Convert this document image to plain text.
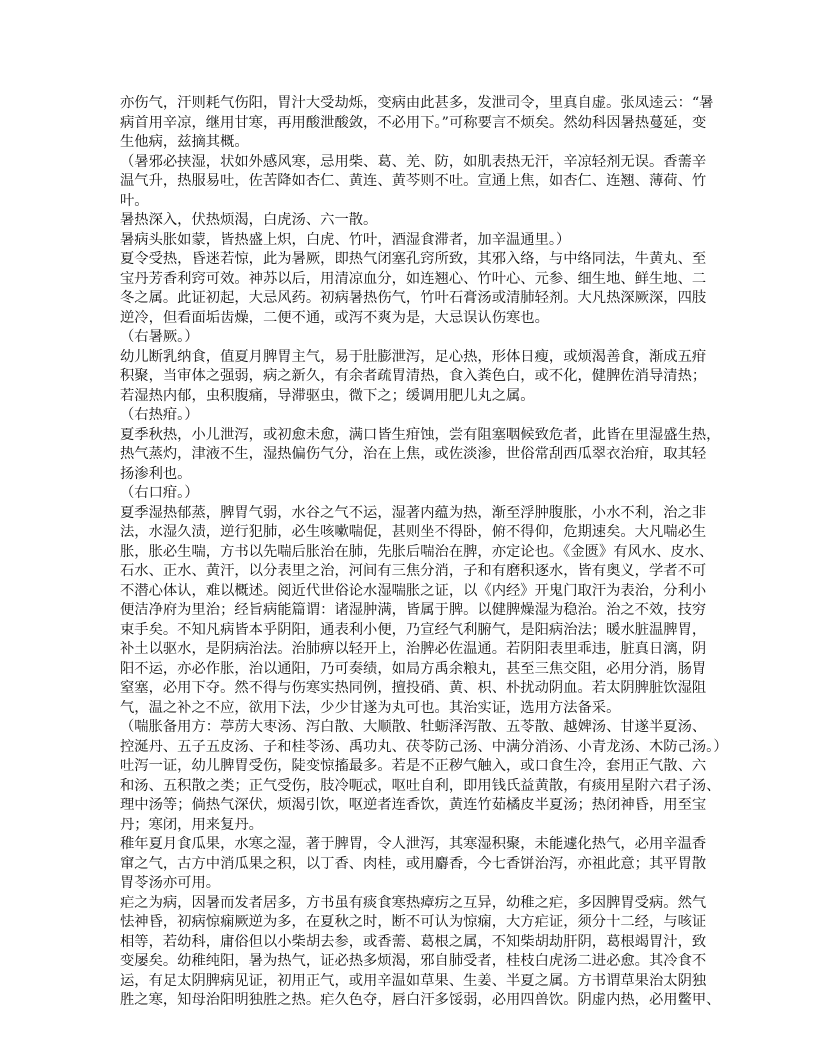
亦伤气，汗则耗气伤阳，胃汁大受劫烁，变病由此甚多，发泄司令，里真自虚。张凤逵云：“暑
病首用辛凉，继用甘寒，再用酸泄酸敛，不必用下。”可称要言不烦矣。然幼科因暑热蔓延，变
生他病，兹摘其概。
（暑邪必挟湿，状如外感风寒，忌用柴、葛、羌、防，如肌表热无汗，辛凉轻剂无误。香薷辛
温气升，热服易吐，佐苦降如杏仁、黄连、黄芩则不吐。宣通上焦，如杏仁、连翘、薄荷、竹
叶。
暑热深入，伏热烦渴，白虎汤、六一散。
暑病头胀如蒙，皆热盛上炽，白虎、竹叶，酒湿食滞者，加辛温通里。）
夏令受热，昏迷若惊，此为暑厥，即热气闭塞孔窍所致，其邪入络，与中络同法，牛黄丸、至
宝丹芳香利窍可效。神苏以后，用清凉血分，如连翘心、竹叶心、元参、细生地、鲜生地、二
冬之属。此证初起，大忌风药。初病暑热伤气，竹叶石膏汤或清肺轻剂。大凡热深厥深，四肢
逆冷，但看面垢齿燥，二便不通，或泻不爽为是，大忌误认伤寒也。
（右暑厥。）
幼儿断乳纳食，值夏月脾胃主气，易于肚膨泄泻，足心热，形体日瘦，或烦渴善食，渐成五疳
积聚，当审体之强弱，病之新久，有余者疏胃清热，食入粪色白，或不化，健脾佐消导清热；
若湿热内郁，虫积腹痛，导滞驱虫，微下之；缓调用肥儿丸之属。
（右热疳。）
夏季秋热，小儿泄泻，或初愈未愈，满口皆生疳蚀，尝有阻塞咽候致危者，此皆在里湿盛生热，
热气蒸灼，津液不生，湿热偏伤气分，治在上焦，或佐淡渗，世俗常刮西瓜翠衣治疳，取其轻
扬渗利也。
（右口疳。）
夏季湿热郁蒸，脾胃气弱，水谷之气不运，湿著内蕴为热，渐至浮肿腹胀，小水不利，治之非
法，水湿久渍，逆行犯肺，必生咳嗽喘促，甚则坐不得卧，俯不得仰，危期速矣。大凡喘必生
胀，胀必生喘，方书以先喘后胀治在肺，先胀后喘治在脾，亦定论也。《金匮》有风水、皮水、
石水、正水、黄汗，以分表里之治，河间有三焦分消，子和有磨积逐水，皆有奥义，学者不可
不潜心体认，难以概述。阅近代世俗论水湿喘胀之证，以《内经》开鬼门取汗为表治，分利小
便洁净府为里治；经旨病能篇谓：诸湿肿满，皆属于脾。以健脾燥湿为稳治。治之不效，技穷
束手矣。不知凡病皆本乎阴阳，通表利小便，乃宣经气利腑气，是阳病治法；暖水脏温脾胃，
补土以驱水，是阴病治法。治肺痹以轻开上，治脾必佐温通。若阴阳表里乖违，脏真日漓，阴
阳不运，亦必作胀，治以通阳，乃可奏绩，如局方禹余粮丸，甚至三焦交阻，必用分消，肠胃
窒塞，必用下夺。然不得与伤寒实热同例，擅投硝、黄、枳、朴扰动阴血。若太阴脾脏饮湿阻
气，温之补之不应，欲用下法，少少甘遂为丸可也。其治实证，选用方法备采。
（喘胀备用方：葶苈大枣汤、泻白散、大顺散、牡蛎泽泻散、五苓散、越婢汤、甘遂半夏汤、
控涎丹、五子五皮汤、子和桂苓汤、禹功丸、茯苓防己汤、中满分消汤、小青龙汤、木防己汤。）
吐泻一证，幼儿脾胃受伤，陡变惊搐最多。若是不正秽气触入，或口食生冷，套用正气散、六
和汤、五积散之类；正气受伤，肢冷呃忒，呕吐自利，即用钱氏益黄散，有痰用星附六君子汤、
理中汤等；倘热气深伏，烦渴引饮，呕逆者连香饮，黄连竹茹橘皮半夏汤；热闭神昏，用至宝
丹；寒闭，用来复丹。
稚年夏月食瓜果，水寒之湿，著于脾胃，令人泄泻，其寒湿积聚，未能遽化热气，必用辛温香
窜之气，古方中消瓜果之积，以丁香、肉桂，或用麝香，今七香饼治泻，亦祖此意；其平胃散
胃苓汤亦可用。
疟之为病，因暑而发者居多，方书虽有痰食寒热瘴疠之互异，幼稚之疟，多因脾胃受病。然气
怯神昏，初病惊痫厥逆为多，在夏秋之时，断不可认为惊痫，大方疟证，须分十二经，与咳证
相等，若幼科，庸俗但以小柴胡去参，或香薷、葛根之属，不知柴胡劫肝阴，葛根竭胃汁，致
变屡矣。幼稚纯阳，暑为热气，证必热多烦渴，邪自肺受者，桂枝白虎汤二进必愈。其冷食不
运，有足太阴脾病见证，初用正气，或用辛温如草果、生姜、半夏之属。方书谓草果治太阴独
胜之寒，知母治阳明独胜之热。疟久色夺，唇白汗多馁弱，必用四兽饮。阴虚内热，必用鳖甲、
